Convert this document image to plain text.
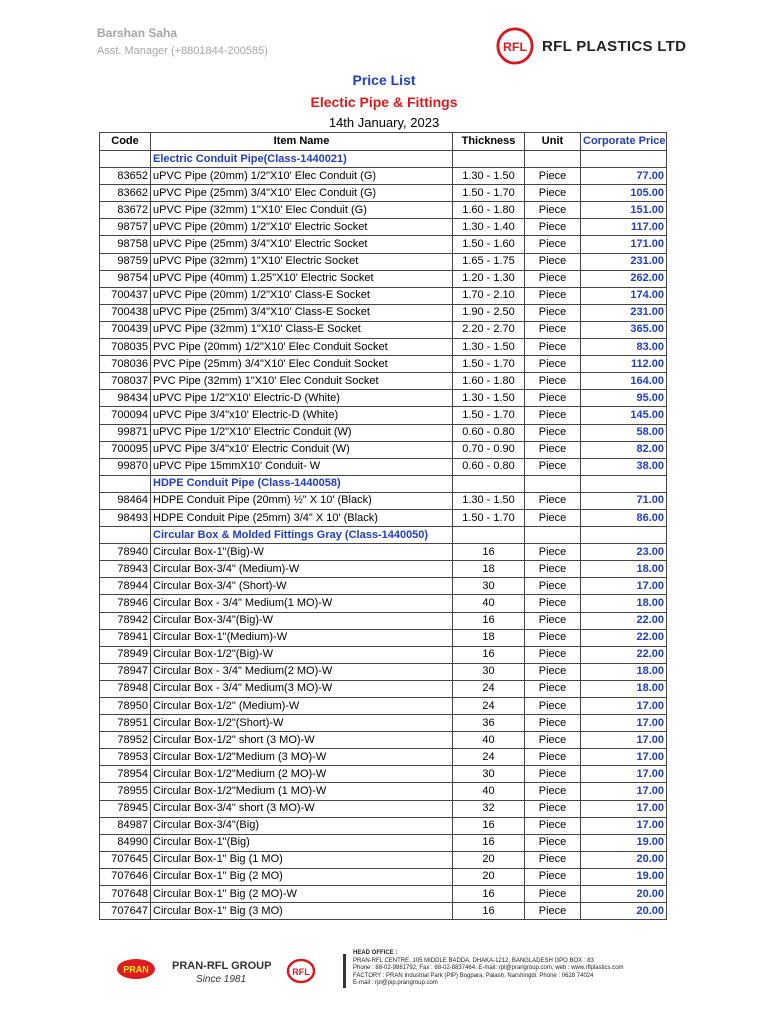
Barshan Saha
Asst. Manager (+8801844-200585)	RFL RFL PLASTICS LTD
Price List
Electic Pipe & Fittings
14th January, 2023
Code	Item Name	Thickness	Unit	Corporate Price
	Electric Conduit Pipe(Class-1440021)			
83652	uPVC Pipe (20mm) 1/2"X10' Elec Conduit (G)	1.30 - 1.50	Piece	77.00
83662	uPVC Pipe (25mm) 3/4"X10' Elec Conduit (G)	1.50 - 1.70	Piece	105.00
83672	uPVC Pipe (32mm) 1"X10' Elec Conduit (G)	1.60 - 1.80	Piece	151.00
98757	uPVC Pipe (20mm) 1/2"X10' Electric Socket	1.30 - 1.40	Piece	117.00
98758	uPVC Pipe (25mm) 3/4"X10' Electric Socket	1.50 - 1.60	Piece	171.00
98759	uPVC Pipe (32mm) 1"X10' Electric Socket	1.65 - 1.75	Piece	231.00
98754	uPVC Pipe (40mm) 1.25"X10' Electric Socket	1.20 - 1.30	Piece	262.00
700437	uPVC Pipe (20mm) 1/2"X10' Class-E Socket	1.70 - 2.10	Piece	174.00
700438	uPVC Pipe (25mm) 3/4"X10' Class-E Socket	1.90 - 2.50	Piece	231.00
700439	uPVC Pipe (32mm) 1"X10' Class-E Socket	2.20 - 2.70	Piece	365.00
708035	PVC Pipe (20mm) 1/2"X10' Elec Conduit Socket	1.30 - 1.50	Piece	83.00
708036	PVC Pipe (25mm) 3/4"X10' Elec Conduit Socket	1.50 - 1.70	Piece	112.00
708037	PVC Pipe (32mm) 1"X10' Elec Conduit Socket	1.60 - 1.80	Piece	164.00
98434	uPVC Pipe 1/2"X10' Electric-D (White)	1.30 - 1.50	Piece	95.00
700094	uPVC Pipe 3/4"x10' Electric-D (White)	1.50 - 1.70	Piece	145.00
99871	uPVC Pipe 1/2"X10' Electric Conduit (W)	0.60 - 0.80	Piece	58.00
700095	uPVC Pipe 3/4"x10' Electric Conduit (W)	0.70 - 0.90	Piece	82.00
99870	uPVC Pipe 15mmX10' Conduit- W	0.60 - 0.80	Piece	38.00
	HDPE Conduit Pipe (Class-1440058)			
98464	HDPE Conduit Pipe (20mm) ½" X 10' (Black)	1.30 - 1.50	Piece	71.00
98493	HDPE Conduit Pipe (25mm) 3/4" X 10' (Black)	1.50 - 1.70	Piece	86.00
	Circular Box & Molded Fittings Gray (Class-1440050)			
78940	Circular Box-1"(Big)-W	16	Piece	23.00
78943	Circular Box-3/4" (Medium)-W	18	Piece	18.00
78944	Circular Box-3/4" (Short)-W	30	Piece	17.00
78946	Circular Box - 3/4" Medium(1 MO)-W	40	Piece	18.00
78942	Circular Box-3/4"(Big)-W	16	Piece	22.00
78941	Circular Box-1"(Medium)-W	18	Piece	22.00
78949	Circular Box-1/2"(Big)-W	16	Piece	22.00
78947	Circular Box - 3/4" Medium(2 MO)-W	30	Piece	18.00
78948	Circular Box - 3/4" Medium(3 MO)-W	24	Piece	18.00
78950	Circular Box-1/2" (Medium)-W	24	Piece	17.00
78951	Circular Box-1/2"(Short)-W	36	Piece	17.00
78952	Circular Box-1/2" short (3 MO)-W	40	Piece	17.00
78953	Circular Box-1/2"Medium (3 MO)-W	24	Piece	17.00
78954	Circular Box-1/2"Medium (2 MO)-W	30	Piece	17.00
78955	Circular Box-1/2"Medium (1 MO)-W	40	Piece	17.00
78945	Circular Box-3/4" short (3 MO)-W	32	Piece	17.00
84987	Circular Box-3/4"(Big)	16	Piece	17.00
84990	Circular Box-1"(Big)	16	Piece	19.00
707645	Circular Box-1" Big (1 MO)	20	Piece	20.00
707646	Circular Box-1" Big (2 MO)	20	Piece	19.00
707648	Circular Box-1" Big (2 MO)-W	16	Piece	20.00
707647	Circular Box-1" Big (3 MO)	16	Piece	20.00
PRAN PRAN-RFL GROUP
Since 1981
RFL
HEAD OFFICE :
PRAN-RFL CENTRE, 105 MIDDLE BADDA, DHAKA-1212, BANGLADESH GPO BOX : 83
Phone : 88-02-9881792, Fax : 88-02-8837464, E-mail: rpl@prangroup.com, web : www.rflplastics.com
FACTORY : PRAN Industrial Park (PIP) Bogpara, Palash, Narshingdi. Phone : 0628 74024
E-mail : rpl@pip.prangroup.com
